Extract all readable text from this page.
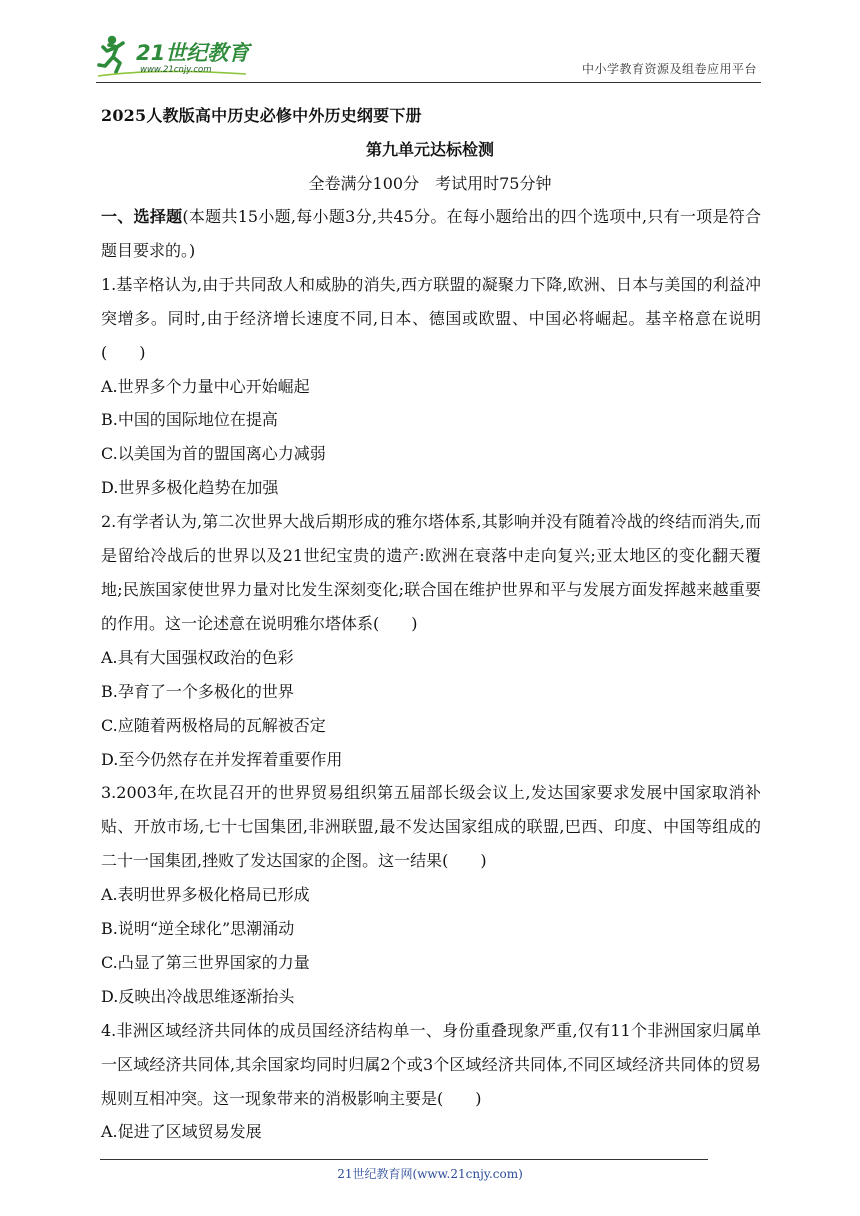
21世纪教育
www.21cnjy.com	中小学教育资源及组卷应用平台
2025人教版高中历史必修中外历史纲要下册
第九单元达标检测
全卷满分100分　考试用时75分钟

一、选择题(本题共15小题,每小题3分,共45分。在每小题给出的四个选项中,只有一项是符合题目要求的。)

1.基辛格认为,由于共同敌人和威胁的消失,西方联盟的凝聚力下降,欧洲、日本与美国的利益冲突增多。同时,由于经济增长速度不同,日本、德国或欧盟、中国必将崛起。基辛格意在说明(　　)

A.世界多个力量中心开始崛起

B.中国的国际地位在提高

C.以美国为首的盟国离心力减弱

D.世界多极化趋势在加强

2.有学者认为,第二次世界大战后期形成的雅尔塔体系,其影响并没有随着冷战的终结而消失,而是留给冷战后的世界以及21世纪宝贵的遗产:欧洲在衰落中走向复兴;亚太地区的变化翻天覆地;民族国家使世界力量对比发生深刻变化;联合国在维护世界和平与发展方面发挥越来越重要的作用。这一论述意在说明雅尔塔体系(　　)

A.具有大国强权政治的色彩

B.孕育了一个多极化的世界

C.应随着两极格局的瓦解被否定

D.至今仍然存在并发挥着重要作用

3.2003年,在坎昆召开的世界贸易组织第五届部长级会议上,发达国家要求发展中国家取消补贴、开放市场,七十七国集团,非洲联盟,最不发达国家组成的联盟,巴西、印度、中国等组成的二十一国集团,挫败了发达国家的企图。这一结果(　　)

A.表明世界多极化格局已形成

B.说明“逆全球化”思潮涌动

C.凸显了第三世界国家的力量

D.反映出冷战思维逐渐抬头

4.非洲区域经济共同体的成员国经济结构单一、身份重叠现象严重,仅有11个非洲国家归属单一区域经济共同体,其余国家均同时归属2个或3个区域经济共同体,不同区域经济共同体的贸易规则互相冲突。这一现象带来的消极影响主要是(　　)

A.促进了区域贸易发展

21世纪教育网(www.21cnjy.com)
